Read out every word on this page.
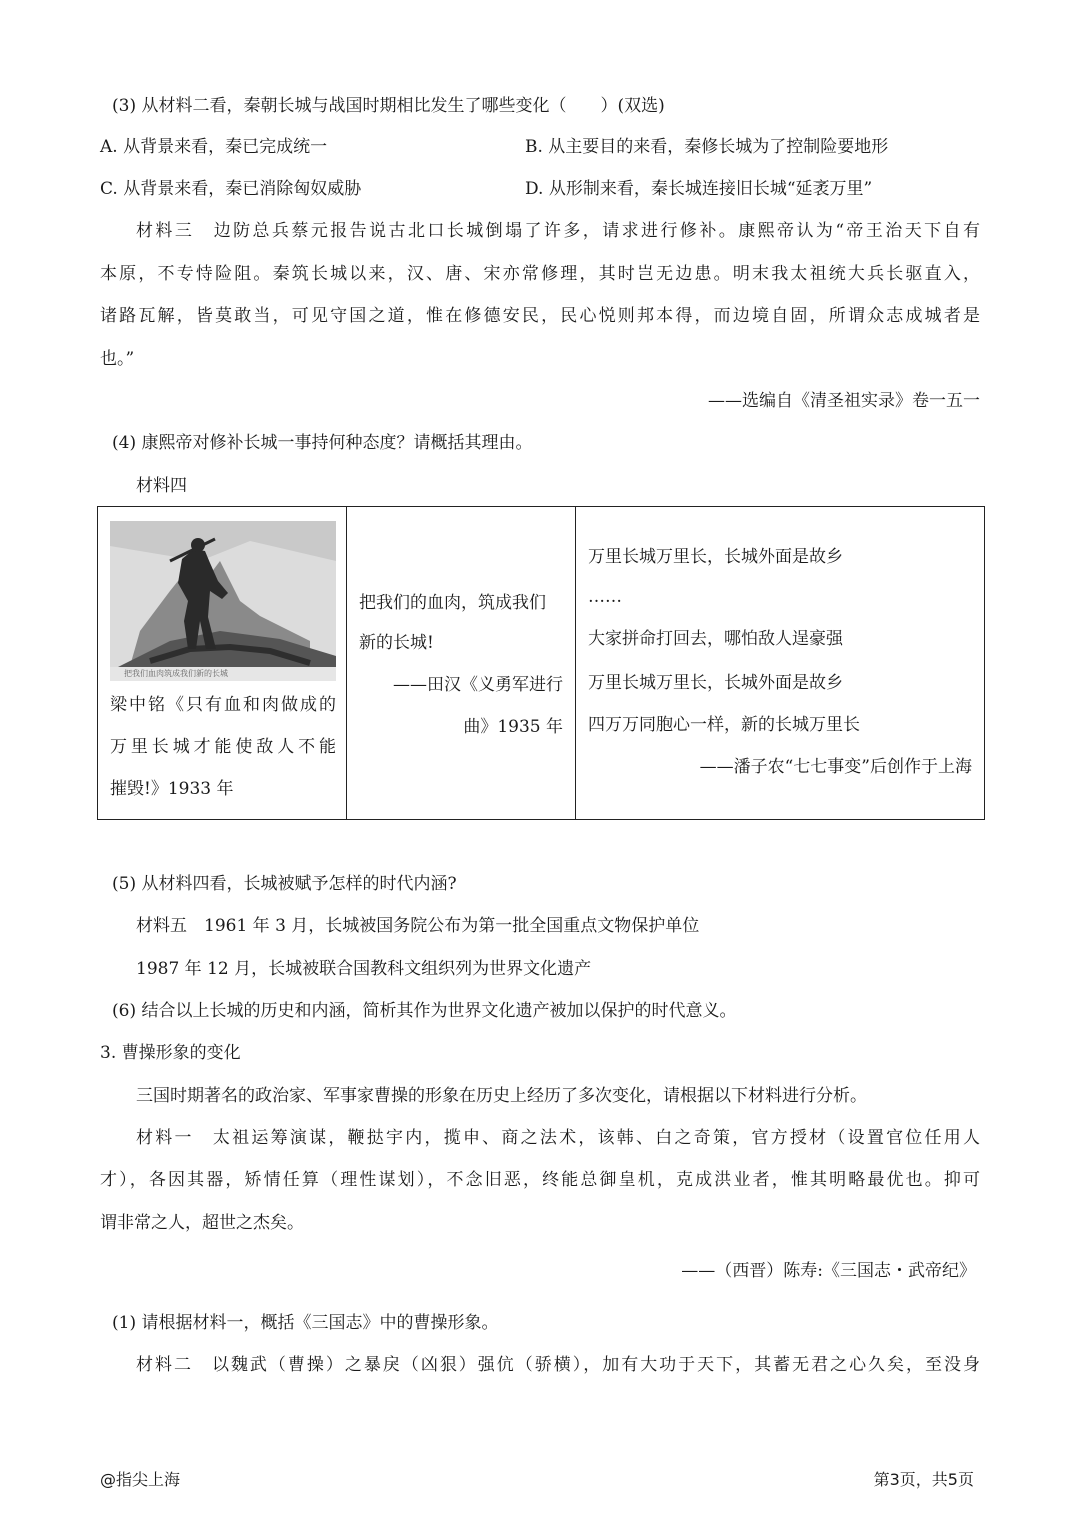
(3) 从材料二看，秦朝长城与战国时期相比发生了哪些变化（　　）(双选)
A. 从背景来看，秦已完成统一	B. 从主要目的来看，秦修长城为了控制险要地形
C. 从背景来看，秦已消除匈奴威胁	D. 从形制来看，秦长城连接旧长城“延袤万里”
材料三　边防总兵蔡元报告说古北口长城倒塌了许多，请求进行修补。康熙帝认为“帝王治天下自有
本原，不专恃险阻。秦筑长城以来，汉、唐、宋亦常修理，其时岂无边患。明末我太祖统大兵长驱直入，
诸路瓦解，皆莫敢当，可见守国之道，惟在修德安民，民心悦则邦本得，而边境自固，所谓众志成城者是
也。”
——选编自《清圣祖实录》卷一五一
(4) 康熙帝对修补长城一事持何种态度？请概括其理由。
材料四
把我们血肉筑成我们新的长城
梁中铭《只有血和肉做成的
万里长城才能使敌人不能
摧毁!》1933 年

把我们的血肉，筑成我们
新的长城!
——田汉《义勇军进行
曲》1935 年

万里长城万里长，长城外面是故乡
……
大家拼命打回去，哪怕敌人逞豪强
万里长城万里长，长城外面是故乡
四万万同胞心一样，新的长城万里长
——潘子农“七七事变”后创作于上海
(5) 从材料四看，长城被赋予怎样的时代内涵?
材料五　1961 年 3 月，长城被国务院公布为第一批全国重点文物保护单位
1987 年 12 月，长城被联合国教科文组织列为世界文化遗产
(6) 结合以上长城的历史和内涵，简析其作为世界文化遗产被加以保护的时代意义。
3. 曹操形象的变化
三国时期著名的政治家、军事家曹操的形象在历史上经历了多次变化，请根据以下材料进行分析。
材料一　太祖运筹演谋，鞭挞宇内，揽申、商之法术，该韩、白之奇策，官方授材（设置官位任用人
才），各因其器，矫情任算（理性谋划），不念旧恶，终能总御皇机，克成洪业者，惟其明略最优也。抑可
谓非常之人，超世之杰矣。
——（西晋）陈寿:《三国志・武帝纪》
(1) 请根据材料一，概括《三国志》中的曹操形象。
材料二　以魏武（曹操）之暴戾（凶狠）强伉（骄横），加有大功于天下，其蓄无君之心久矣，至没身
@指尖上海	第3页，共5页
